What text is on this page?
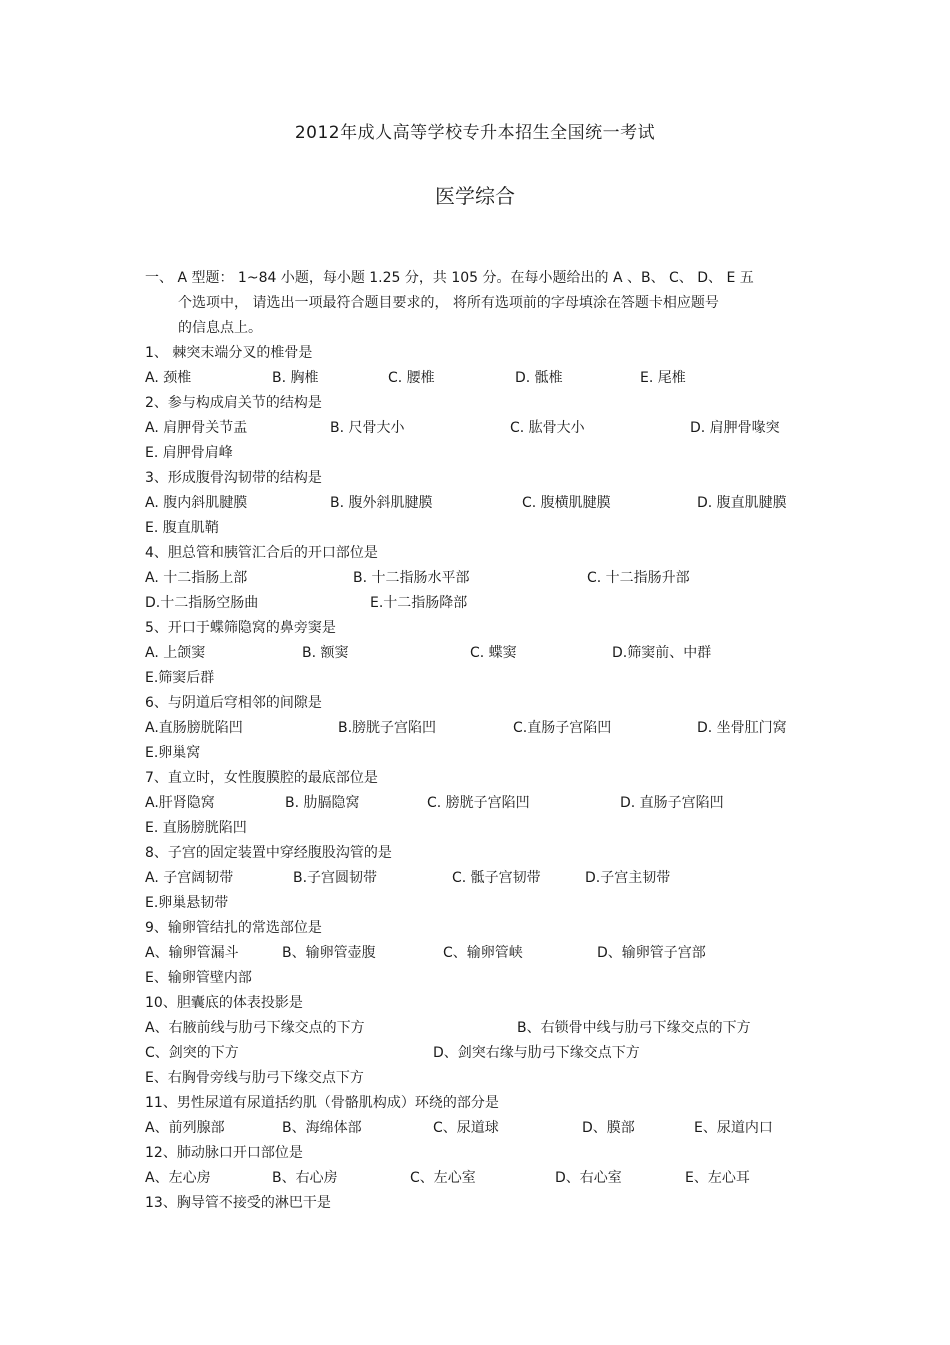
2012年成人高等学校专升本招生全国统一考试
医学综合
一、 A 型题： 1~84 小题，每小题 1.25 分，共 105 分。在每小题给出的 A 、B、 C、 D、 E 五
个选项中， 请选出一项最符合题目要求的， 将所有选项前的字母填涂在答题卡相应题号
的信息点上。
1、 棘突末端分叉的椎骨是
A. 颈椎	B. 胸椎	C. 腰椎	D. 骶椎	E. 尾椎
2、参与构成肩关节的结构是
A. 肩胛骨关节盂	B. 尺骨大小	C. 肱骨大小	D. 肩胛骨喙突
E. 肩胛骨肩峰
3、形成腹骨沟韧带的结构是
A. 腹内斜肌腱膜	B. 腹外斜肌腱膜	C. 腹横肌腱膜	D. 腹直肌腱膜
E. 腹直肌鞘
4、胆总管和胰管汇合后的开口部位是
A. 十二指肠上部	B. 十二指肠水平部	C. 十二指肠升部
D.十二指肠空肠曲	E.十二指肠降部
5、开口于蝶筛隐窝的鼻旁窦是
A. 上颌窦	B. 额窦	C. 蝶窦	D.筛窦前、中群
E.筛窦后群
6、与阴道后穹相邻的间隙是
A.直肠膀胱陷凹	B.膀胱子宫陷凹	C.直肠子宫陷凹	D. 坐骨肛门窝
E.卵巢窝
7、直立时，女性腹膜腔的最底部位是
A.肝肾隐窝	B. 肋膈隐窝	C. 膀胱子宫陷凹	D. 直肠子宫陷凹
E. 直肠膀胱陷凹
8、子宫的固定装置中穿经腹股沟管的是
A. 子宫阔韧带	B.子宫圆韧带	C. 骶子宫韧带	D.子宫主韧带
E.卵巢悬韧带
9、输卵管结扎的常选部位是
A、输卵管漏斗	B、输卵管壶腹	C、输卵管峡	D、输卵管子宫部
E、输卵管壁内部
10、胆囊底的体表投影是
A、右腋前线与肋弓下缘交点的下方	B、右锁骨中线与肋弓下缘交点的下方
C、剑突的下方	D、剑突右缘与肋弓下缘交点下方
E、右胸骨旁线与肋弓下缘交点下方
11、男性尿道有尿道括约肌（骨骼肌构成）环绕的部分是
A、前列腺部	B、海绵体部	C、尿道球	D、膜部	E、尿道内口
12、肺动脉口开口部位是
A、左心房	B、右心房	C、左心室	D、右心室	E、左心耳
13、胸导管不接受的淋巴干是
